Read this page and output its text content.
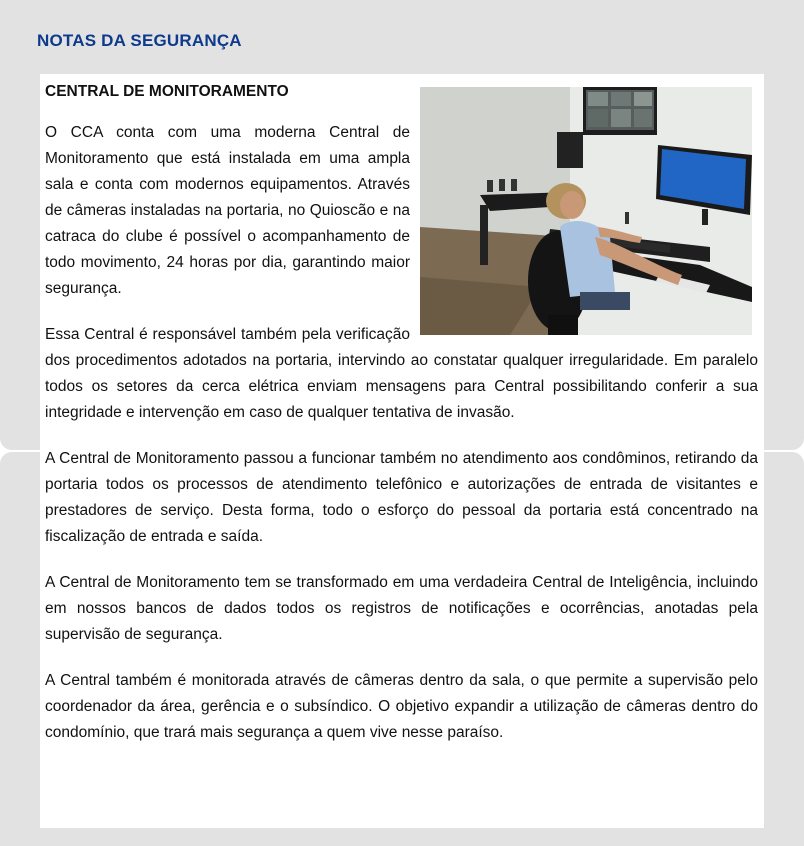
NOTAS DA SEGURANÇA
CENTRAL DE MONITORAMENTO

O CCA conta com uma moderna Central de Monitoramento que está instalada em uma ampla sala e conta com modernos equipamentos. Através de câmeras instaladas na portaria, no Quioscão e na catraca do clube é possível o acompanhamento de todo movimento, 24 horas por dia, garantindo maior segurança.

Essa Central é responsável também pela verificação dos procedimentos adotados na portaria, intervindo ao constatar qualquer irregularidade. Em paralelo todos os setores da cerca elétrica enviam mensagens para Central possibilitando conferir a sua integridade e intervenção em caso de qualquer tentativa de invasão.

A Central de Monitoramento passou a funcionar também no atendimento aos condôminos, retirando da portaria todos os processos de atendimento telefônico e autorizações de entrada de visitantes e prestadores de serviço. Desta forma, todo o esforço do pessoal da portaria está concentrado na fiscalização de entrada e saída.

A Central de Monitoramento tem se transformado em uma verdadeira Central de Inteligência, incluindo em nossos bancos de dados todos os registros de notificações e ocorrências, anotadas pela supervisão de segurança.

A Central também é monitorada através de câmeras dentro da sala, o que permite a supervisão pelo coordenador da área, gerência e o subsíndico. O objetivo expandir a utilização de câmeras dentro do condomínio, que trará mais segurança a quem vive nesse paraíso.
